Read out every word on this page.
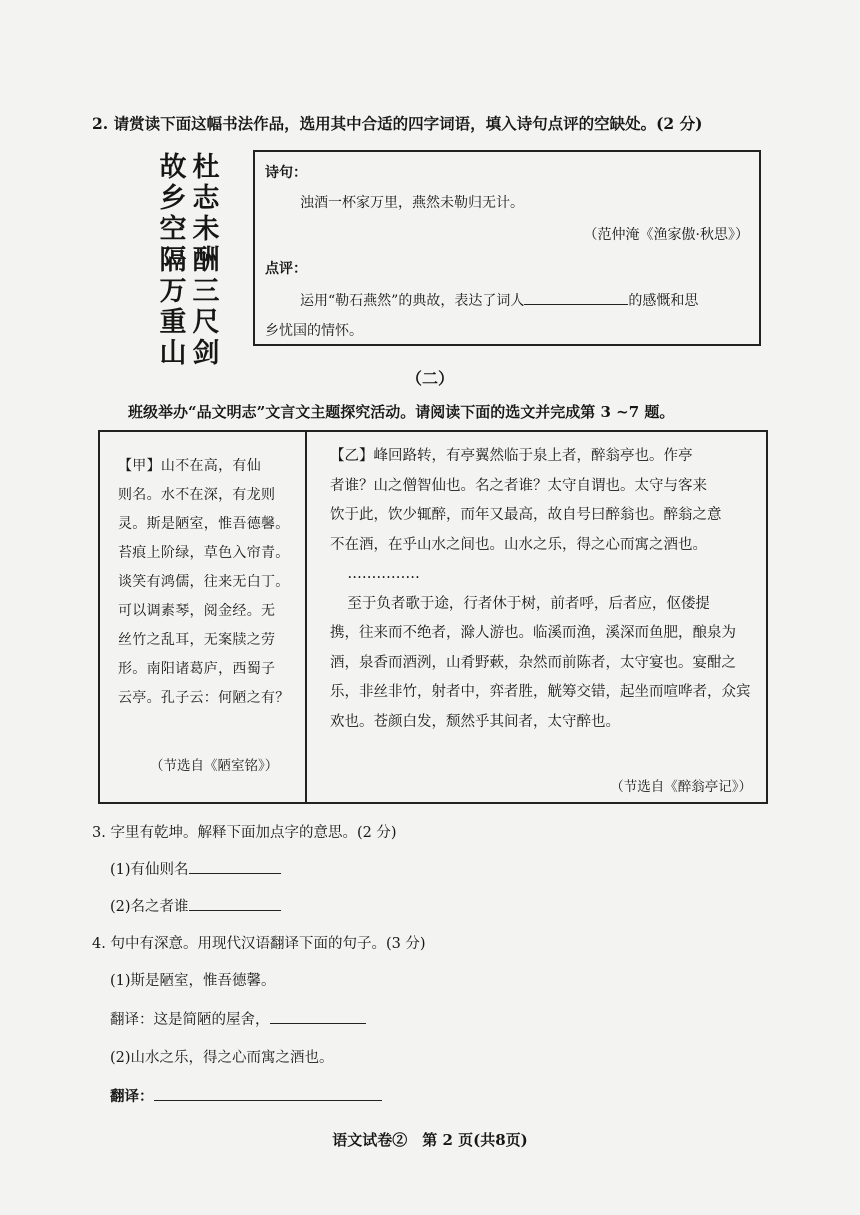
2. 请赏读下面这幅书法作品，选用其中合适的四字词语，填入诗句点评的空缺处。(2 分)
杜
志
未
酬
三
尺
剑
故
乡
空
隔
万
重
山
诗句：
浊酒一杯家万里，燕然未勒归无计。
（范仲淹《渔家傲·秋思》）
点评：
运用“勒石燕然”的典故，表达了词人	的感慨和思
乡忧国的情怀。
（二）
班级举办“品文明志”文言文主题探究活动。请阅读下面的选文并完成第 3 ~7 题。
【甲】山不在高，有仙
则名。水不在深，有龙则
灵。斯是陋室，惟吾德馨。
苔痕上阶绿，草色入帘青。
谈笑有鸿儒，往来无白丁。
可以调素琴，阅金经。无
丝竹之乱耳，无案牍之劳
形。南阳诸葛庐，西蜀子
云亭。孔子云：何陋之有？
（节选自《陋室铭》）
【乙】峰回路转，有亭翼然临于泉上者，醉翁亭也。作亭
者谁？山之僧智仙也。名之者谁？太守自谓也。太守与客来
饮于此，饮少辄醉，而年又最高，故自号曰醉翁也。醉翁之意
不在酒，在乎山水之间也。山水之乐，得之心而寓之酒也。
……………
至于负者歌于途，行者休于树，前者呼，后者应，伛偻提
携，往来而不绝者，滁人游也。临溪而渔，溪深而鱼肥，酿泉为
酒，泉香而酒洌，山肴野蔌，杂然而前陈者，太守宴也。宴酣之
乐，非丝非竹，射者中，弈者胜，觥筹交错，起坐而喧哗者，众宾
欢也。苍颜白发，颓然乎其间者，太守醉也。
（节选自《醉翁亭记》）
3. 字里有乾坤。解释下面加点字的意思。(2 分)
(1)有仙则名
(2)名之者谁
4. 句中有深意。用现代汉语翻译下面的句子。(3 分)
(1)斯是陋室，惟吾德馨。
翻译：这是简陋的屋舍，
(2)山水之乐，得之心而寓之酒也。
翻译：
语文试卷②　第 2 页(共8页)
